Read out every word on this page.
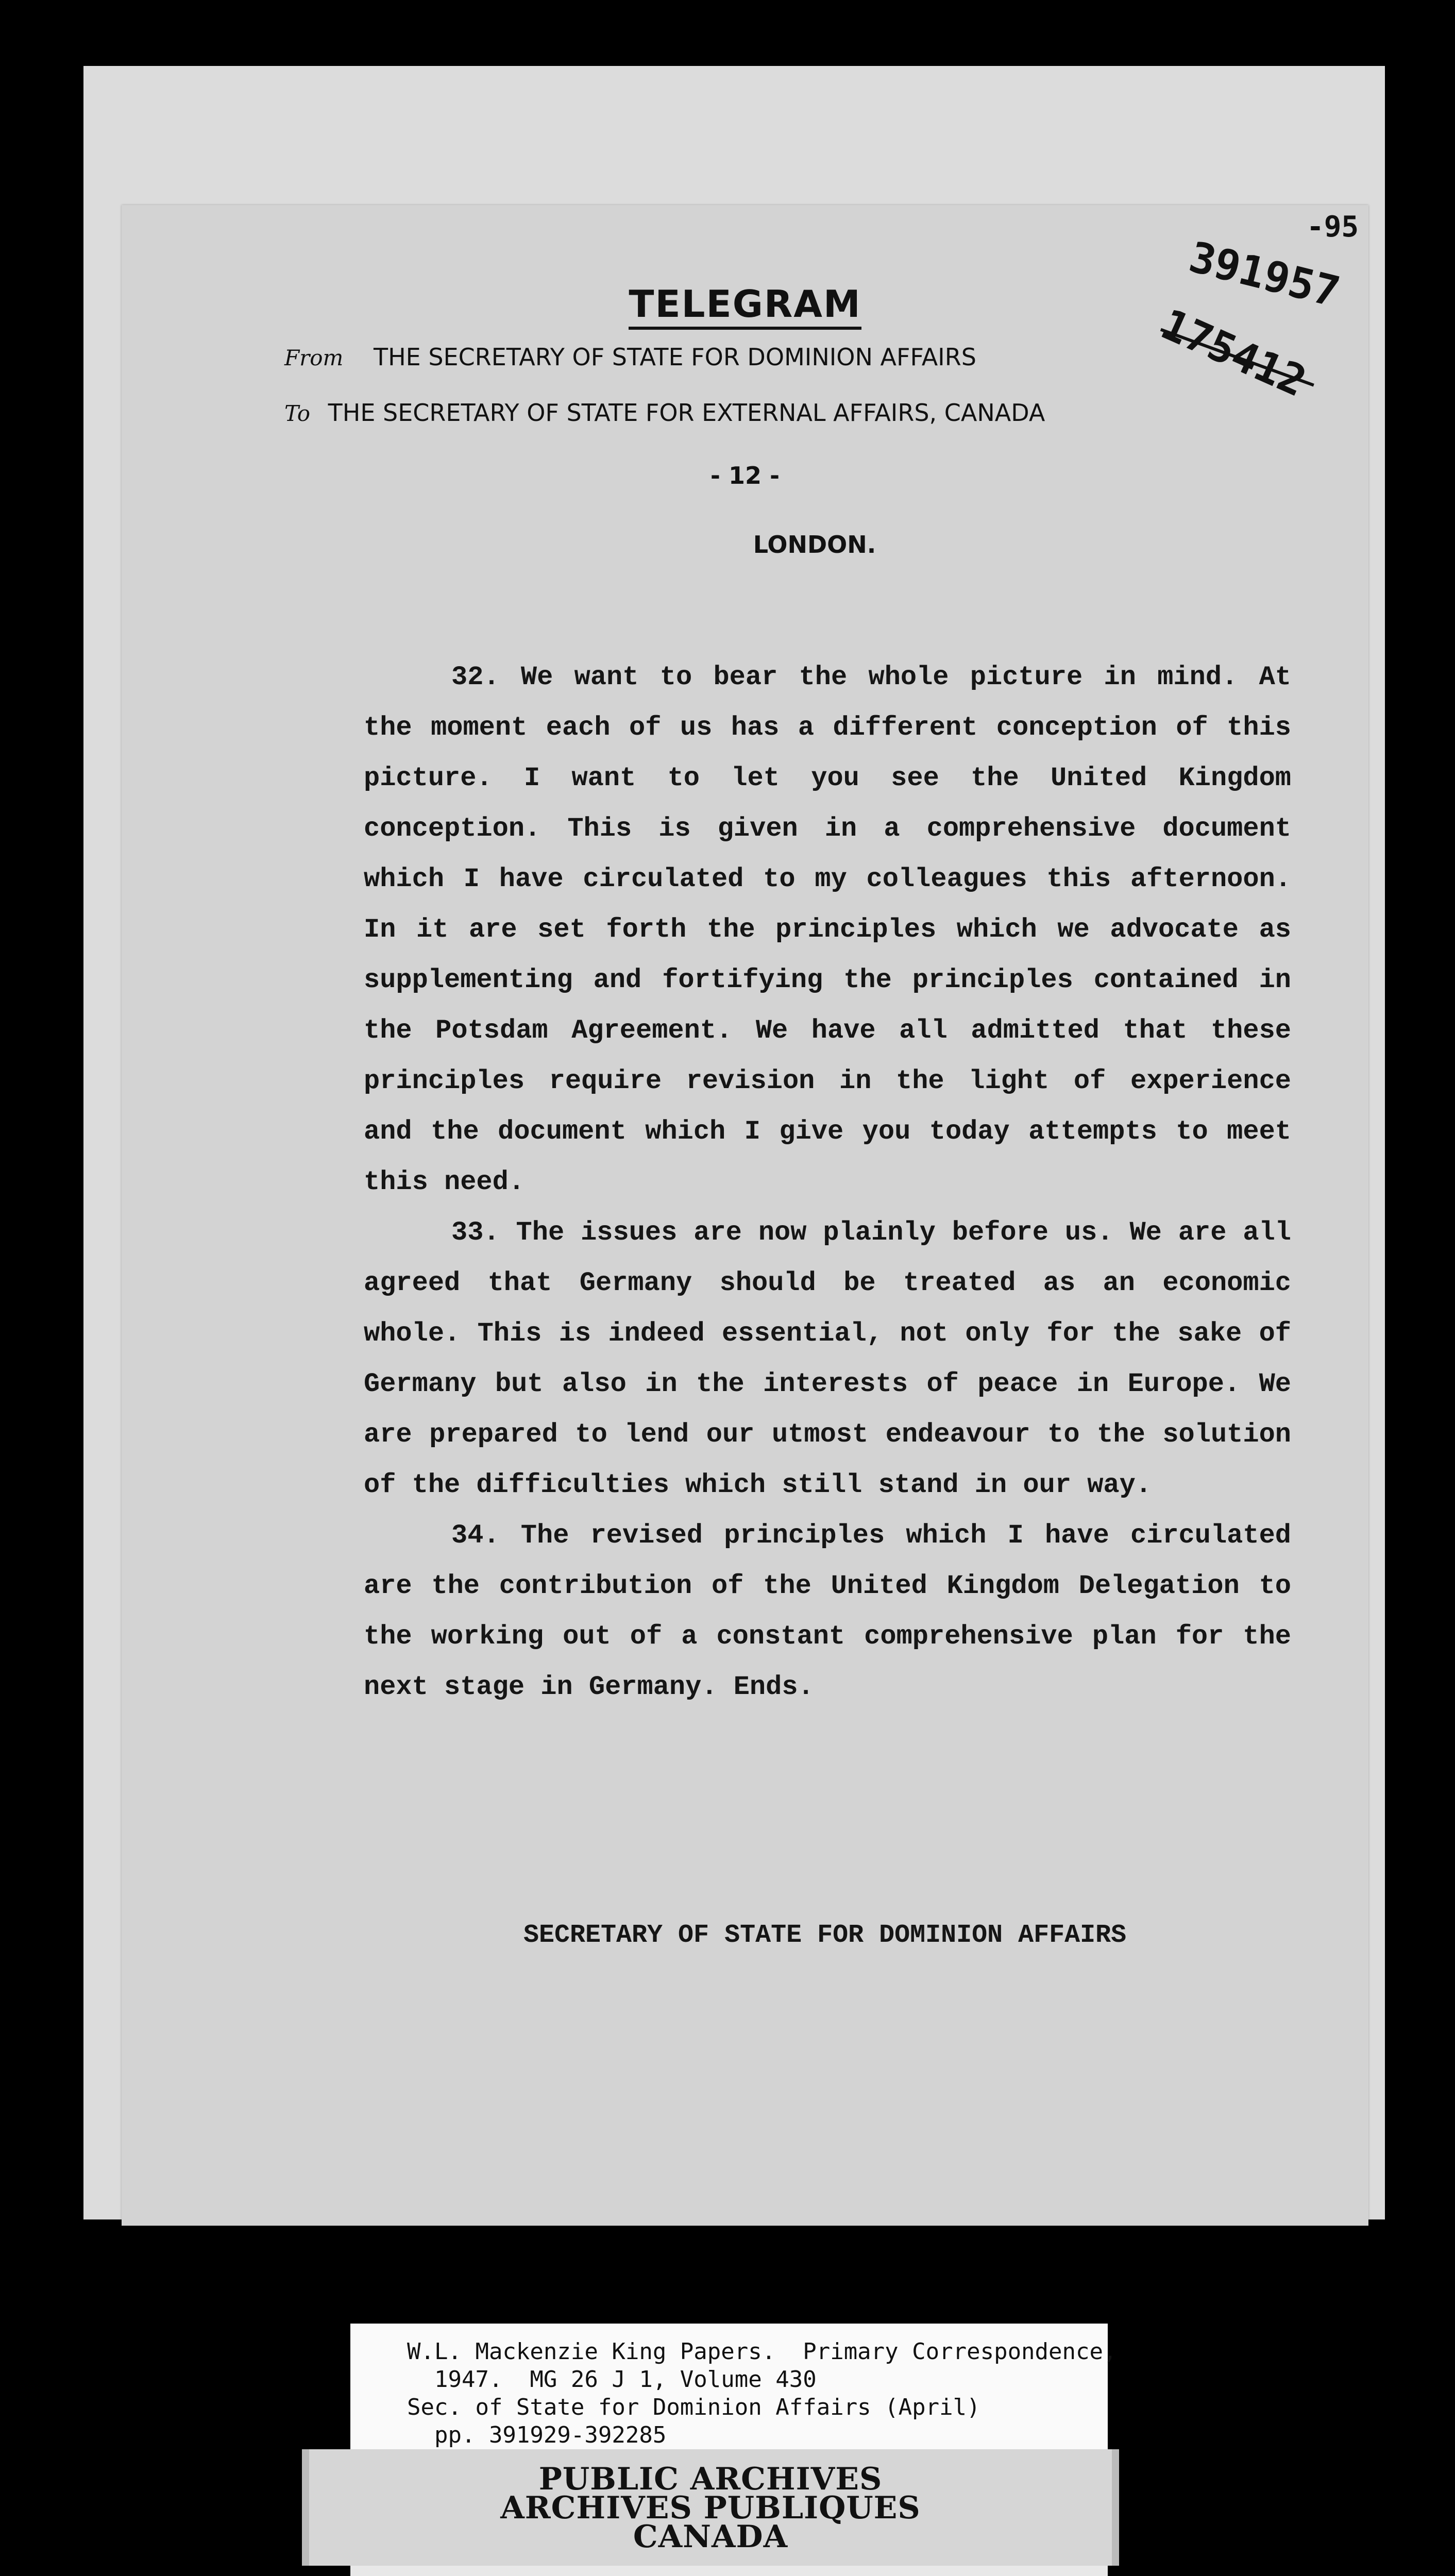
-95
391957
175412
TELEGRAM
From THE SECRETARY OF STATE FOR DOMINION AFFAIRS
To THE SECRETARY OF STATE FOR EXTERNAL AFFAIRS, CANADA
- 12 -
LONDON.

32. We want to bear the whole picture in mind. At the moment each of us has a different conception of this picture. I want to let you see the United Kingdom conception. This is given in a comprehensive document which I have circulated to my colleagues this afternoon. In it are set forth the principles which we advocate as supplementing and fortifying the principles contained in the Potsdam Agreement. We have all admitted that these principles require revision in the light of experience and the document which I give you today attempts to meet this need.

33. The issues are now plainly before us. We are all agreed that Germany should be treated as an economic whole. This is indeed essential, not only for the sake of Germany but also in the interests of peace in Europe. We are prepared to lend our utmost endeavour to the solution of the difficulties which still stand in our way.

34. The revised principles which I have circulated are the contribution of the United Kingdom Delegation to the working out of a constant comprehensive plan for the next stage in Germany. Ends.

SECRETARY OF STATE FOR DOMINION AFFAIRS
W.L. Mackenzie King Papers.  Primary Correspondence,
1947.  MG 26 J 1, Volume 430
Sec. of State for Dominion Affairs (April)
pp. 391929-392285
PUBLIC ARCHIVES
ARCHIVES PUBLIQUES
CANADA
